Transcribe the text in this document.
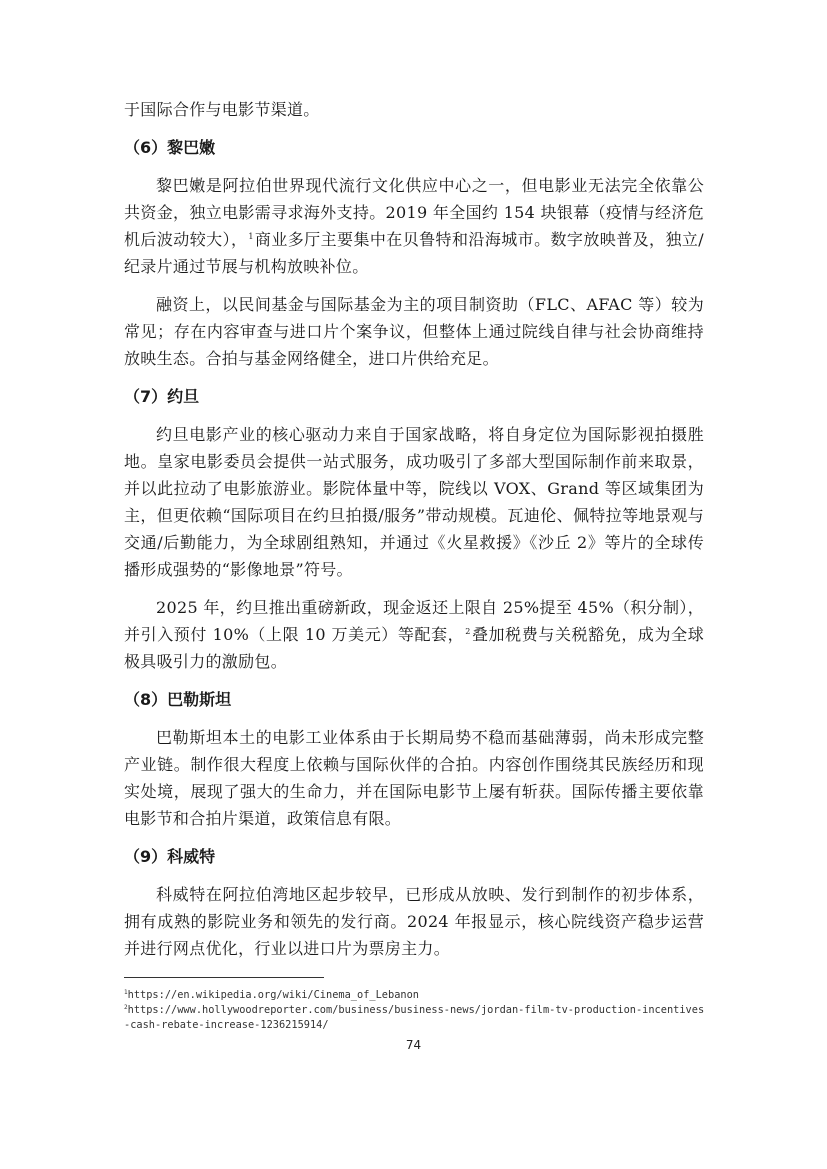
于国际合作与电影节渠道。

（6）黎巴嫩

黎巴嫩是阿拉伯世界现代流行文化供应中心之一，但电影业无法完全依靠公共资金，独立电影需寻求海外支持。2019 年全国约 154 块银幕（疫情与经济危机后波动较大），$^1$商业多厅主要集中在贝鲁特和沿海城市。数字放映普及，独立/纪录片通过节展与机构放映补位。

融资上，以民间基金与国际基金为主的项目制资助（FLC、AFAC 等）较为常见；存在内容审查与进口片个案争议，但整体上通过院线自律与社会协商维持放映生态。合拍与基金网络健全，进口片供给充足。

（7）约旦

约旦电影产业的核心驱动力来自于国家战略，将自身定位为国际影视拍摄胜地。皇家电影委员会提供一站式服务，成功吸引了多部大型国际制作前来取景，并以此拉动了电影旅游业。影院体量中等，院线以 VOX、Grand 等区域集团为主，但更依赖“国际项目在约旦拍摄/服务”带动规模。瓦迪伦、佩特拉等地景观与交通/后勤能力，为全球剧组熟知，并通过《火星救援》《沙丘 2》等片的全球传播形成强势的“影像地景”符号。

2025 年，约旦推出重磅新政，现金返还上限自 25%提至 45%（积分制），并引入预付 10%（上限 10 万美元）等配套，$^2$叠加税费与关税豁免，成为全球极具吸引力的激励包。

（8）巴勒斯坦

巴勒斯坦本土的电影工业体系由于长期局势不稳而基础薄弱，尚未形成完整产业链。制作很大程度上依赖与国际伙伴的合拍。内容创作围绕其民族经历和现实处境，展现了强大的生命力，并在国际电影节上屡有斩获。国际传播主要依靠电影节和合拍片渠道，政策信息有限。

（9）科威特

科威特在阿拉伯湾地区起步较早，已形成从放映、发行到制作的初步体系，拥有成熟的影院业务和领先的发行商。2024 年报显示，核心院线资产稳步运营并进行网点优化，行业以进口片为票房主力。

$^1$https://en.wikipedia.org/wiki/Cinema_of_Lebanon

$^2$https://www.hollywoodreporter.com/business/business-news/jordan-film-tv-production-incentives-cash-rebate-increase-1236215914/

74
